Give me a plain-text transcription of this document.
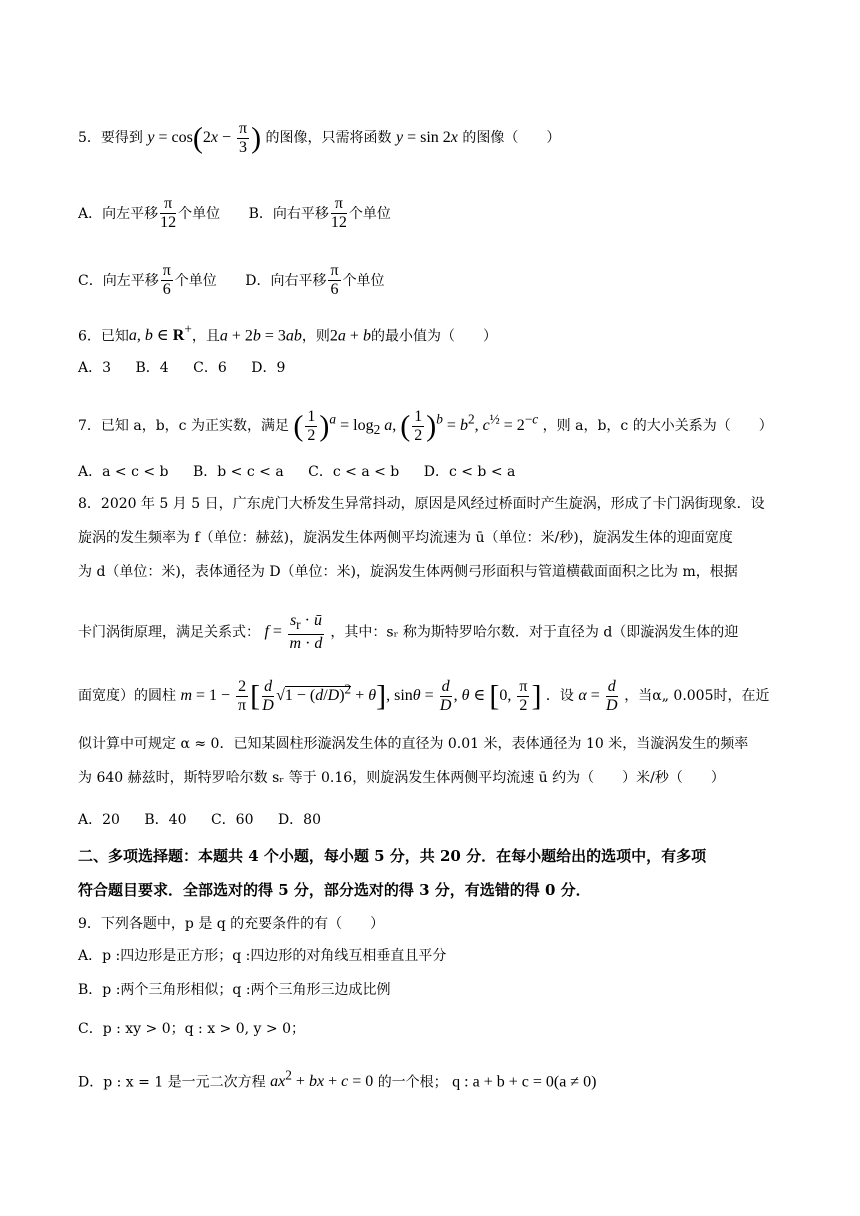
5．要得到 $y = \cos(2x - \frac{\pi}{3}$ ) 的图像，只需将函数 y = sin 2x 的图像（　　）
A．向左平移 $\frac{\pi}{12}$ 个单位 B．向右平移 $\frac{\pi}{12}$ 个单位
C．向左平移 $\frac{\pi}{6}$ 个单位 D．向右平移 $\frac{\pi}{6}$ 个单位
6．已知a, b ∈ R+，且a + 2b = 3ab，则2a + b的最小值为（　　）
A．3 B．4 C．6 D．9
7．已知 a，b，c 为正实数，满足 ( $\frac{1}{2} )^a = \log_2 a$, ( $\frac{1}{2} )^b = b^2$, $c^{\frac{1}{2}} = 2^{-c}$ ，则 a，b，c 的大小关系为（　　）
A．a < c < b B．b < c < a C．c < a < b D．c < b < a
8．2020 年 5 月 5 日，广东虎门大桥发生异常抖动，原因是风经过桥面时产生旋涡，形成了卡门涡街现象．设
旋涡的发生频率为 f（单位：赫兹)，旋涡发生体两侧平均流速为 ū（单位：米/秒)，旋涡发生体的迎面宽度
为 d（单位：米)，表体通径为 D（单位：米)，旋涡发生体两侧弓形面积与管道横截面面积之比为 m，根据
卡门涡街原理，满足关系式： $f = \frac{s_r \cdot ū}{m \cdot d}$ ，其中：sᵣ 称为斯特罗哈尔数．对于直径为 d（即漩涡发生体的迎
面宽度）的圆柱 $m = 1 - \frac{2}{\pi}$ [ $\frac{d}{D} √1 - (d/D)^2 + \theta$], $\sin\theta = \frac{d}{D}$ , θ ∈ [0, $\frac{\pi}{2}$ ] ．设 $\alpha = \frac{d}{D}$ ，当α„ 0.005时，在近
似计算中可规定 α ≈ 0．已知某圆柱形漩涡发生体的直径为 0.01 米，表体通径为 10 米，当漩涡发生的频率
为 640 赫兹时，斯特罗哈尔数 sᵣ 等于 0.16，则旋涡发生体两侧平均流速 ū 约为（　　）米/秒（　　）
A．20 B．40 C．60 D．80
二、多项选择题：本题共 4 个小题，每小题 5 分，共 20 分．在每小题给出的选项中，有多项
符合题目要求．全部选对的得 5 分，部分选对的得 3 分，有选错的得 0 分．
9．下列各题中，p 是 q 的充要条件的有（　　）
A．p :四边形是正方形；q :四边形的对角线互相垂直且平分
B．p :两个三角形相似；q :两个三角形三边成比例
C．p : xy > 0；q : x > 0, y > 0；
D．p : x = 1 是一元二次方程 $ax^2$ + bx + c = 0 的一个根； q : a + b + c = 0(a ≠ 0)
